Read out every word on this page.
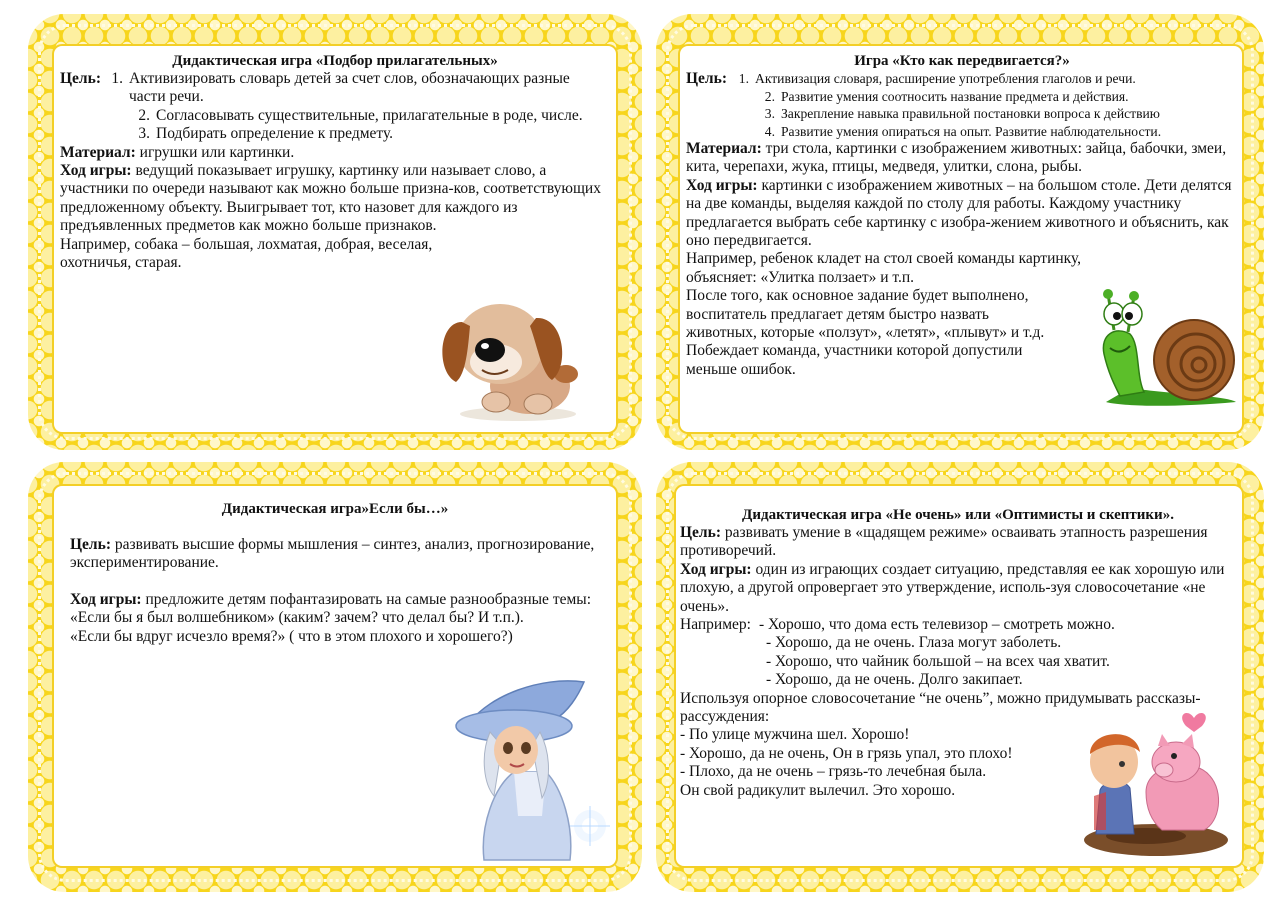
Дидактическая игра «Подбор прилагательных»
Цель: 1. Активизировать словарь детей за счет слов, обозначающих разные части речи.
2. Согласовывать существительные, прилагательные в роде, числе.
3. Подбирать определение к предмету.
Материал: игрушки или картинки.
Ход игры: ведущий показывает игрушку, картинку или называет слово, а участники по очереди называют как можно больше призна-ков, соответствующих предложенному объекту. Выигрывает тот, кто назовет для каждого из предъявленных предметов как можно больше признаков.
Например, собака – большая, лохматая, добрая, веселая, охотничья, старая.
Игра «Кто как передвигается?»
Цель: 1. Активизация словаря, расширение употребления глаголов и речи.
2. Развитие умения соотносить название предмета и действия.
3. Закрепление навыка правильной постановки вопроса к действию
4. Развитие умения опираться на опыт. Развитие наблюдательности.
Материал: три стола, картинки с изображением животных: зайца, бабочки, змеи, кита, черепахи, жука, птицы, медведя, улитки, слона, рыбы.
Ход игры: картинки с изображением животных – на большом столе. Дети делятся на две команды, выделяя каждой по столу для работы. Каждому участнику предлагается выбрать себе картинку с изобра-жением животного и объяснить, как оно передвигается.
Например, ребенок кладет на стол своей команды картинку,
объясняет: «Улитка ползает» и т.п.
После того, как основное задание будет выполнено,
воспитатель предлагает детям быстро назвать
животных, которые «ползут», «летят», «плывут» и т.д.
Побеждает команда, участники которой допустили
меньше ошибок.
Дидактическая игра»Если бы…»
Цель: развивать высшие формы мышления – синтез, анализ, прогнозирование, экспериментирование.
Ход игры: предложите детям пофантазировать на самые разнообразные темы: «Если бы я был волшебником» (каким? зачем? что делал бы? И т.п.).
«Если бы вдруг исчезло время?» ( что в этом плохого и хорошего?)
Дидактическая игра «Не очень» или «Оптимисты и скептики».
Цель: развивать умение в «щадящем режиме» осваивать этапность разрешения противоречий.
Ход игры: один из играющих создает ситуацию, представляя ее как хорошую или плохую, а другой опровергает это утверждение, исполь-зуя словосочетание «не очень».
Например: - Хорошо, что дома есть телевизор – смотреть можно.
- Хорошо, да не очень. Глаза могут заболеть.
- Хорошо, что чайник большой – на всех чая хватит.
- Хорошо, да не очень. Долго закипает.
Используя опорное словосочетание “не очень”, можно придумывать рассказы-рассуждения:
- По улице мужчина шел. Хорошо!
- Хорошо, да не очень, Он в грязь упал, это плохо!
- Плохо, да не очень – грязь-то лечебная была.
Он свой радикулит вылечил. Это хорошо.
